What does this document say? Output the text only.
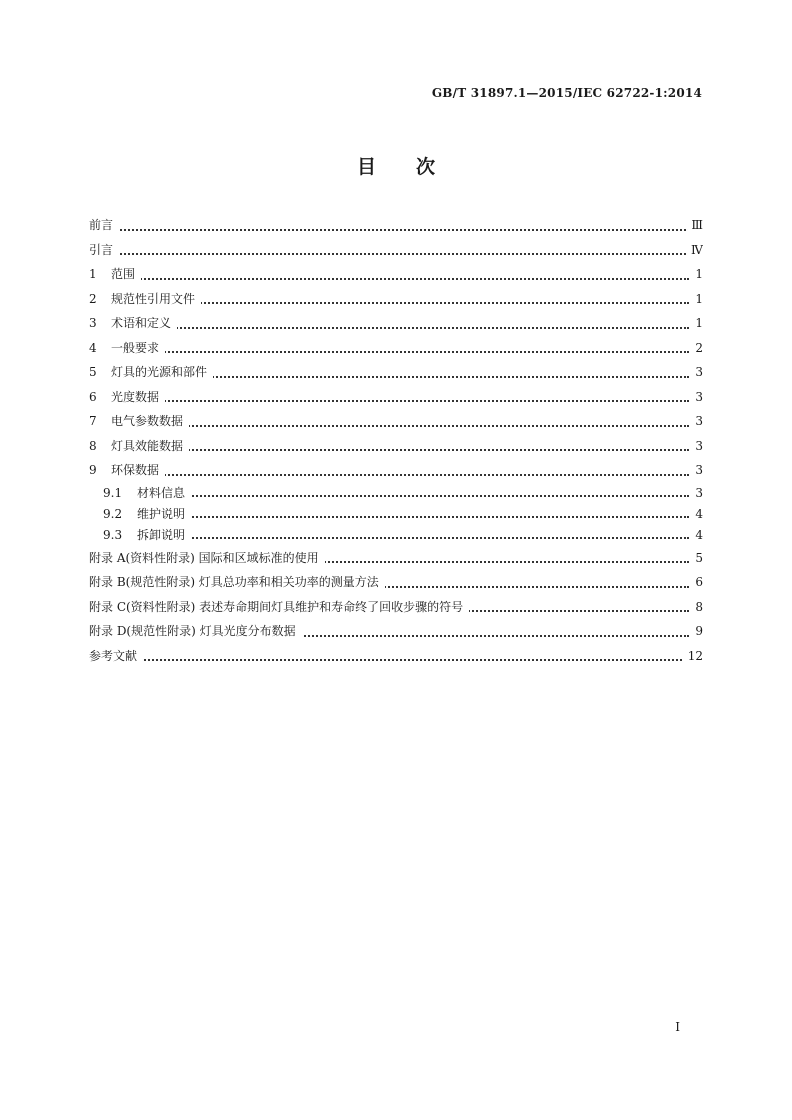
GB/T 31897.1—2015/IEC 62722-1:2014
目 次
前言	Ⅲ
引言	Ⅳ
1 范围	1
2 规范性引用文件	1
3 术语和定义	1
4 一般要求	2
5 灯具的光源和部件	3
6 光度数据	3
7 电气参数数据	3
8 灯具效能数据	3
9 环保数据	3
9.1 材料信息	3
9.2 维护说明	4
9.3 拆卸说明	4
附录 A(资料性附录) 国际和区域标准的使用	5
附录 B(规范性附录) 灯具总功率和相关功率的测量方法	6
附录 C(资料性附录) 表述寿命期间灯具维护和寿命终了回收步骤的符号	8
附录 D(规范性附录) 灯具光度分布数据	9
参考文献	12
I
